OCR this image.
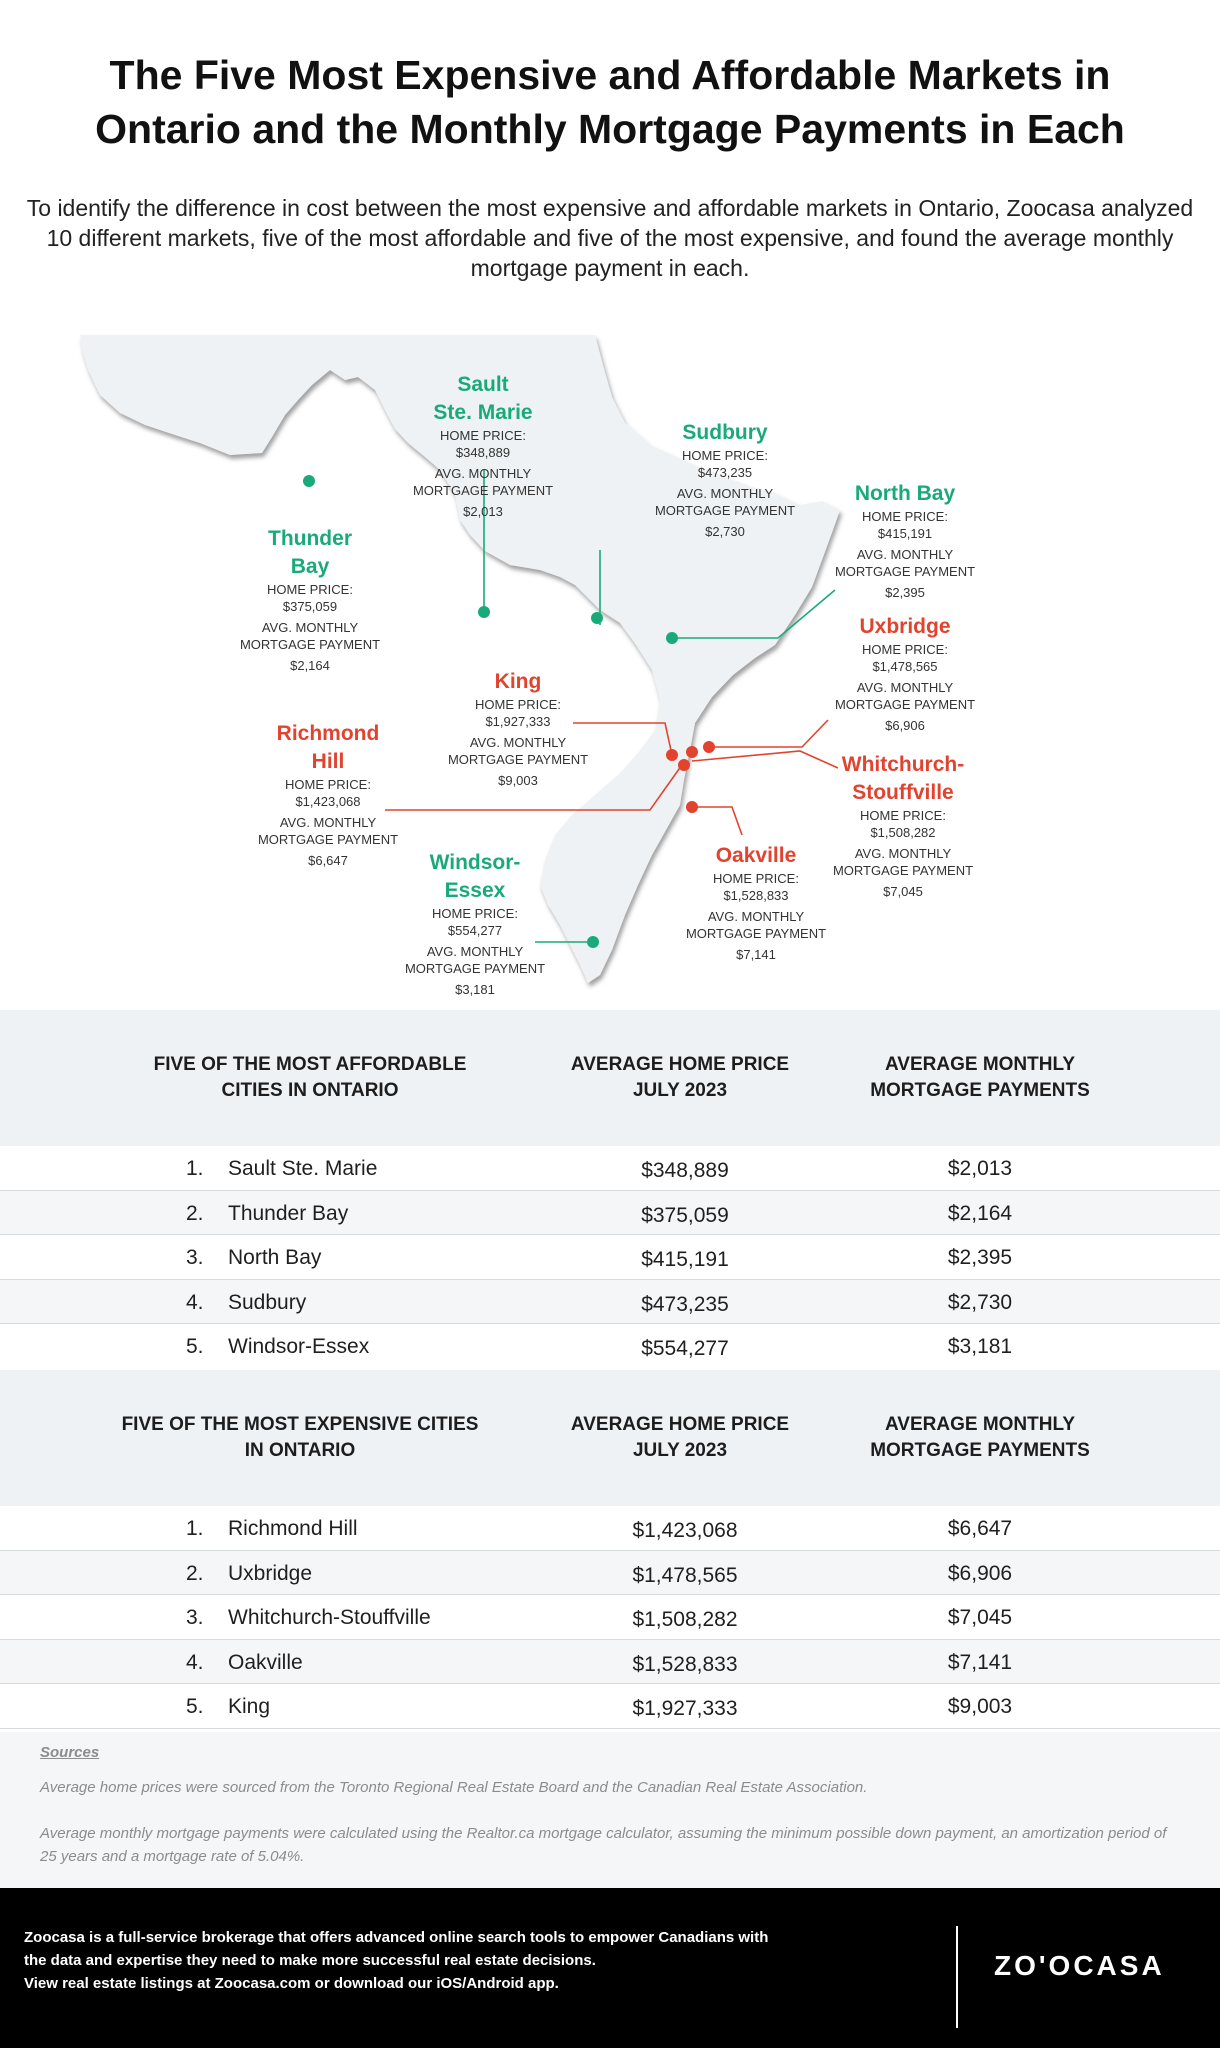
The Five Most Expensive and Affordable Markets in
Ontario and the Monthly Mortgage Payments in Each
To identify the difference in cost between the most expensive and affordable markets in Ontario, Zoocasa analyzed 10 different markets, five of the most affordable and five of the most expensive, and found the average monthly mortgage payment in each.
Sault
Ste. Marie
HOME PRICE:
$348,889
AVG. MONTHLY
MORTGAGE PAYMENT
$2,013
Sudbury
HOME PRICE:
$473,235
AVG. MONTHLY
MORTGAGE PAYMENT
$2,730
North Bay
HOME PRICE:
$415,191
AVG. MONTHLY
MORTGAGE PAYMENT
$2,395
Thunder
Bay
HOME PRICE:
$375,059
AVG. MONTHLY
MORTGAGE PAYMENT
$2,164
Uxbridge
HOME PRICE:
$1,478,565
AVG. MONTHLY
MORTGAGE PAYMENT
$6,906
King
HOME PRICE:
$1,927,333
AVG. MONTHLY
MORTGAGE PAYMENT
$9,003
Richmond
Hill
HOME PRICE:
$1,423,068
AVG. MONTHLY
MORTGAGE PAYMENT
$6,647
Whitchurch-
Stouffville
HOME PRICE:
$1,508,282
AVG. MONTHLY
MORTGAGE PAYMENT
$7,045
Oakville
HOME PRICE:
$1,528,833
AVG. MONTHLY
MORTGAGE PAYMENT
$7,141
Windsor-
Essex
HOME PRICE:
$554,277
AVG. MONTHLY
MORTGAGE PAYMENT
$3,181
FIVE OF THE MOST AFFORDABLE CITIES IN ONTARIO
AVERAGE HOME PRICE JULY 2023
AVERAGE MONTHLY MORTGAGE PAYMENTS
1. Sault Ste. Marie	$348,889	$2,013
2. Thunder Bay	$375,059	$2,164
3. North Bay	$415,191	$2,395
4. Sudbury	$473,235	$2,730
5. Windsor-Essex	$554,277	$3,181
FIVE OF THE MOST EXPENSIVE CITIES IN ONTARIO
AVERAGE HOME PRICE JULY 2023
AVERAGE MONTHLY MORTGAGE PAYMENTS
1. Richmond Hill	$1,423,068	$6,647
2. Uxbridge	$1,478,565	$6,906
3. Whitchurch-Stouffville	$1,508,282	$7,045
4. Oakville	$1,528,833	$7,141
5. King	$1,927,333	$9,003
Sources
Average home prices were sourced from the Toronto Regional Real Estate Board and the Canadian Real Estate Association.
Average monthly mortgage payments were calculated using the Realtor.ca mortgage calculator, assuming the minimum possible down payment, an amortization period of 25 years and a mortgage rate of 5.04%.
Zoocasa is a full-service brokerage that offers advanced online search tools to empower Canadians with
the data and expertise they need to make more successful real estate decisions.
View real estate listings at Zoocasa.com or download our iOS/Android app.
ZO'OCASA
